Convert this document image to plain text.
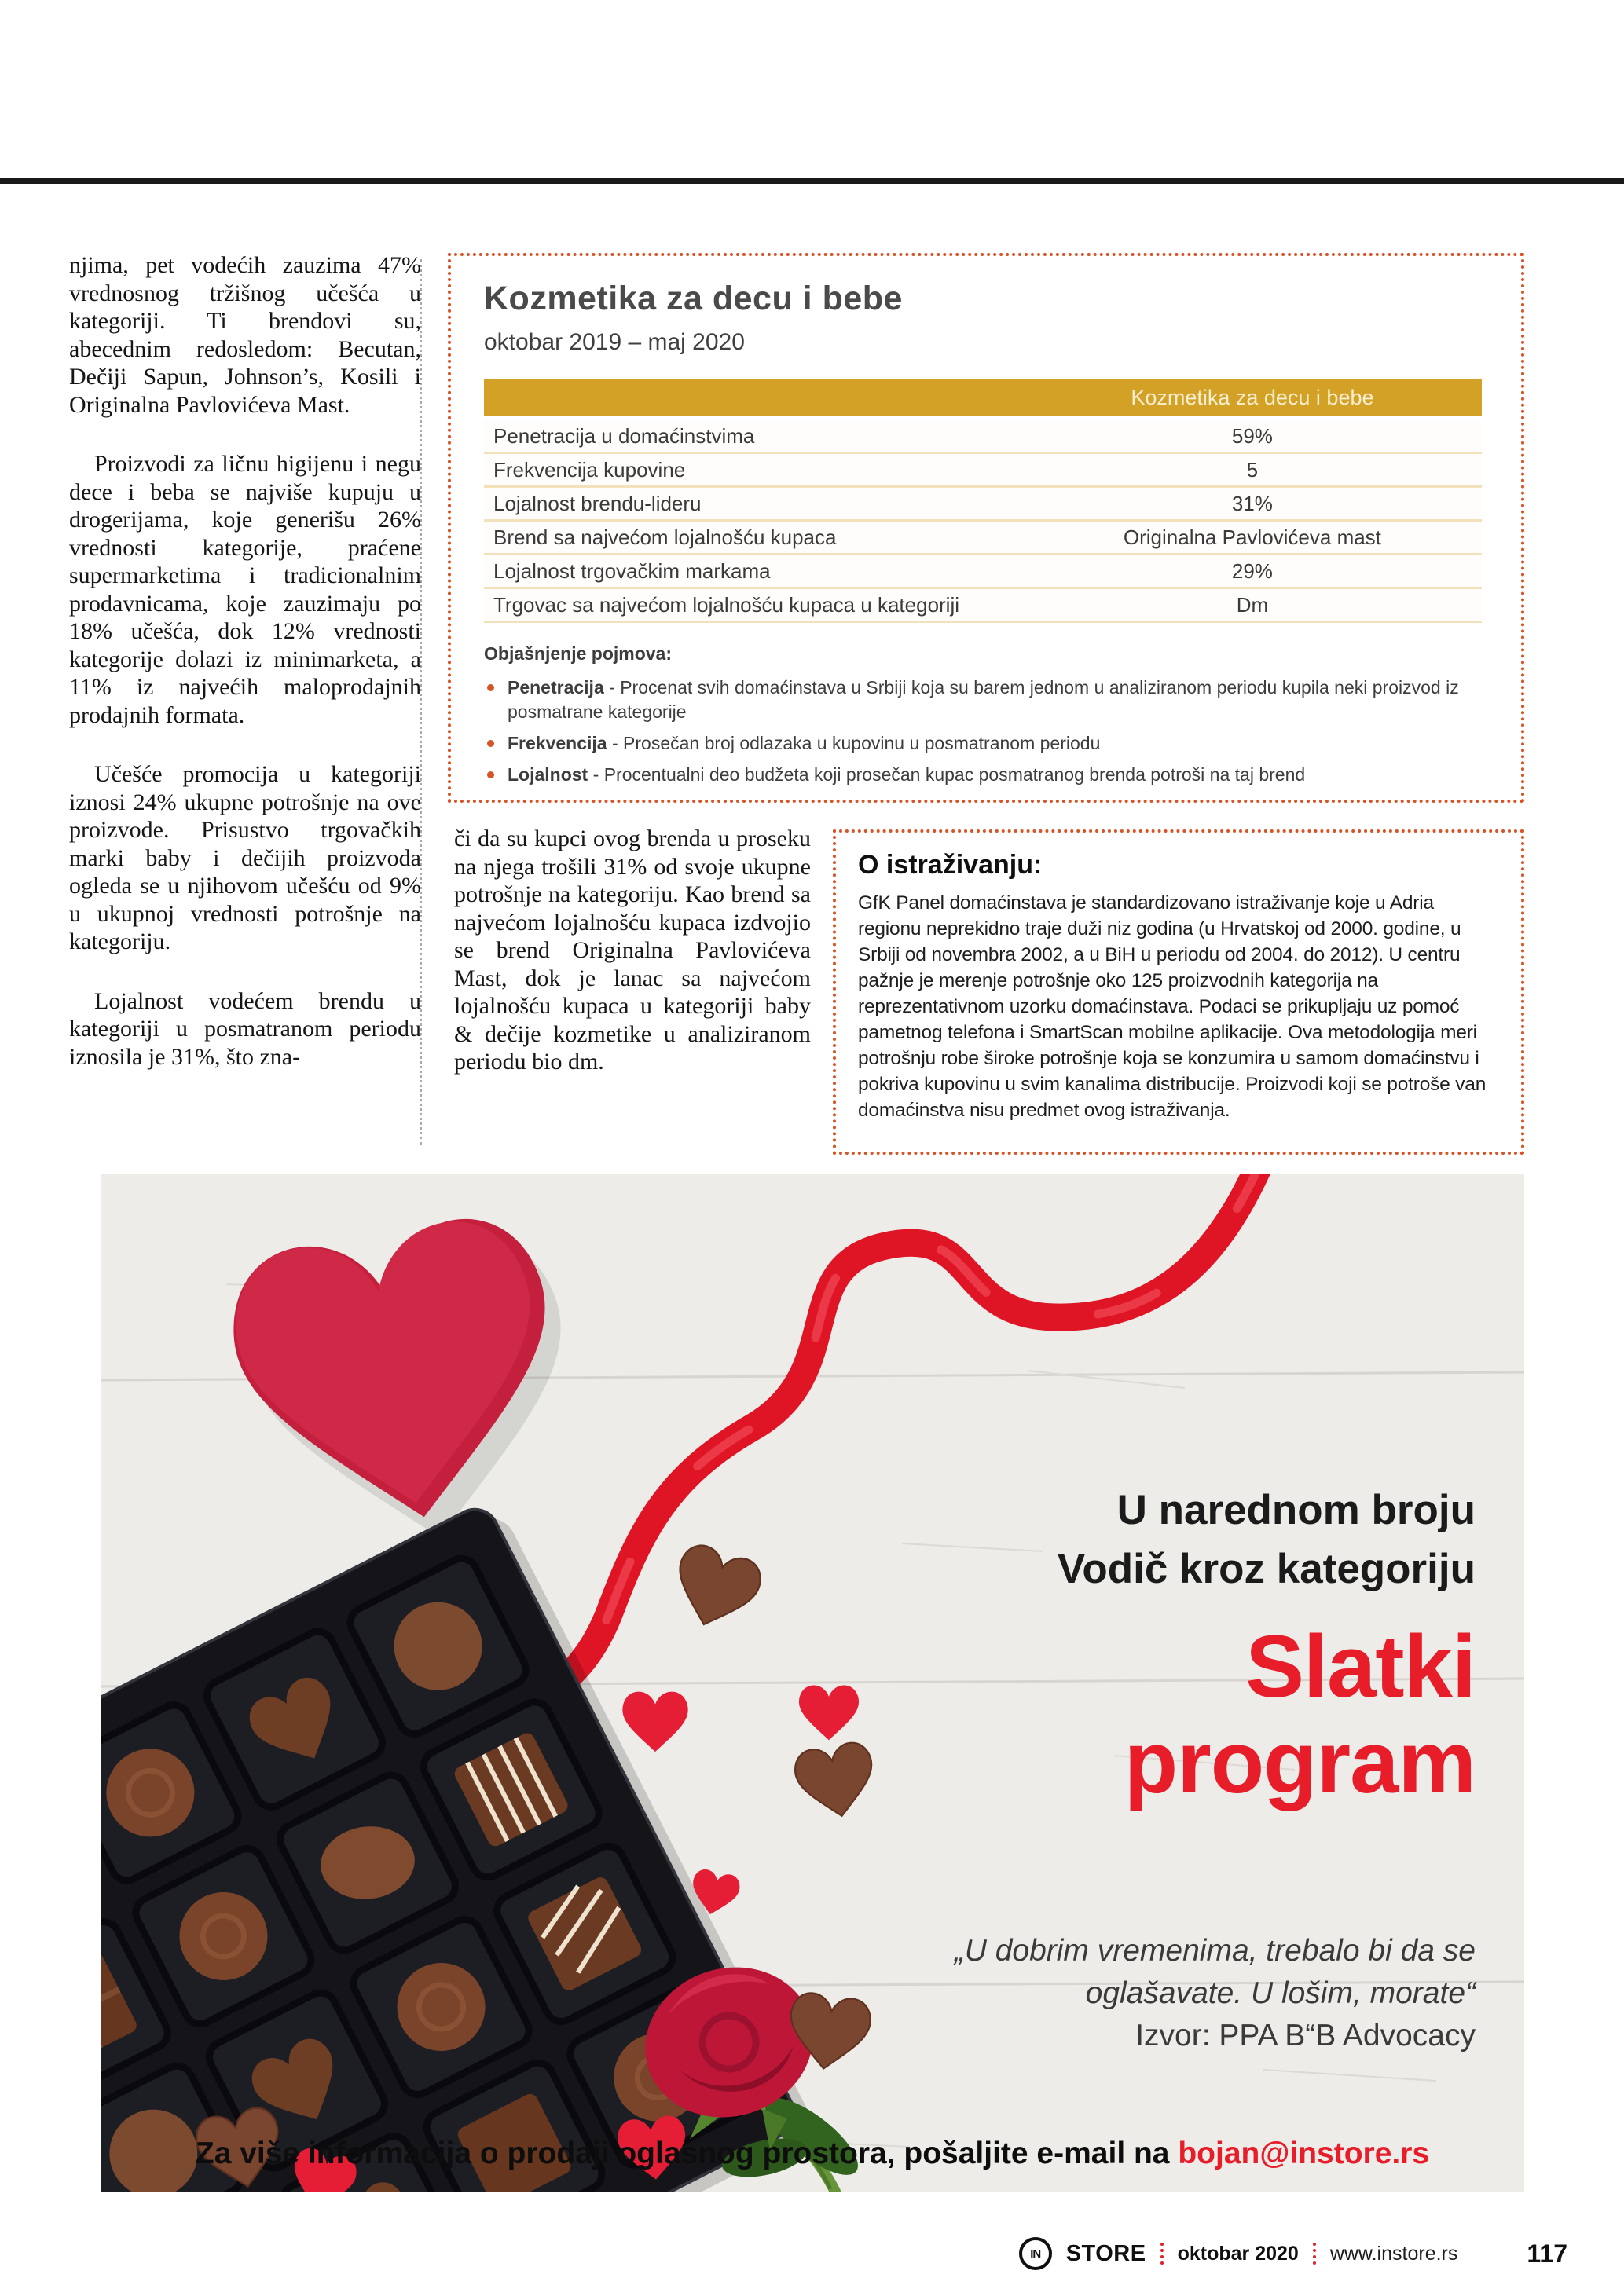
njima, pet vodećih zauzima 47% vrednosnog tržišnog učešća u kategoriji. Ti brendovi su, abecednim redosledom: Becutan, Dečiji Sapun, Johnson’s, Kosili i Originalna Pavlovićeva Mast.

Proizvodi za ličnu higijenu i negu dece i beba se najviše kupuju u drogerijama, koje generišu 26% vrednosti kategorije, praćene supermarketima i tradicionalnim prodavnicama, koje zauzimaju po 18% učešća, dok 12% vrednosti kategorije dolazi iz minimarketa, a 11% iz najvećih maloprodajnih prodajnih formata.

Učešće promocija u kategoriji iznosi 24% ukupne potrošnje na ove proizvode. Prisustvo trgovačkih marki baby i dečijih proizvoda ogleda se u njihovom učešću od 9% u ukupnoj vrednosti potrošnje na kategoriju.

Lojalnost vodećem brendu u kategoriji u posmatranom periodu iznosila je 31%, što zna-

Kozmetika za decu i bebe
oktobar 2019 – maj 2020
Kozmetika za decu i bebe
Penetracija u domaćinstvima	59%
Frekvencija kupovine	5
Lojalnost brendu-lideru	31%
Brend sa najvećom lojalnošću kupaca	Originalna Pavlovićeva mast
Lojalnost trgovačkim markama	29%
Trgovac sa najvećom lojalnošću kupaca u kategoriji	Dm
Objašnjenje pojmova:
Penetracija - Procenat svih domaćinstava u Srbiji koja su barem jednom u analiziranom periodu kupila neki proizvod iz posmatrane kategorije
Frekvencija - Prosečan broj odlazaka u kupovinu u posmatranom periodu
Lojalnost - Procentualni deo budžeta koji prosečan kupac posmatranog brenda potroši na taj brend

či da su kupci ovog brenda u proseku na njega trošili 31% od svoje ukupne potrošnje na kategoriju. Kao brend sa najvećom lojalnošću kupaca izdvojio se brend Originalna Pavlovićeva Mast, dok je lanac sa najvećom lojalnošću kupaca u kategoriji baby & dečije kozmetike u analiziranom periodu bio dm.

O istraživanju:
GfK Panel domaćinstava je standardizovano istraživanje koje u Adria regionu neprekidno traje duži niz godina (u Hrvatskoj od 2000. godine, u Srbiji od novembra 2002, a u BiH u periodu od 2004. do 2012). U centru pažnje je merenje potrošnje oko 125 proizvodnih kategorija na reprezentativnom uzorku domaćinstava. Podaci se prikupljaju uz pomoć pametnog telefona i SmartScan mobilne aplikacije. Ova metodologija meri potrošnju robe široke potrošnje koja se konzumira u samom domaćinstvu i pokriva kupovinu u svim kanalima distribucije. Proizvodi koji se potroše van domaćinstva nisu predmet ovog istraživanja.
U narednom broju
Vodič kroz kategoriju
Slatki
program
„U dobrim vremenima, trebalo bi da se
oglašavate. U lošim, morate“
Izvor: PPA B“B Advocacy
Za više informacija o prodaji oglasnog prostora, pošaljite e-mail na bojan@instore.rs
IN	STORE oktobar 2020 www.instore.rs	117
